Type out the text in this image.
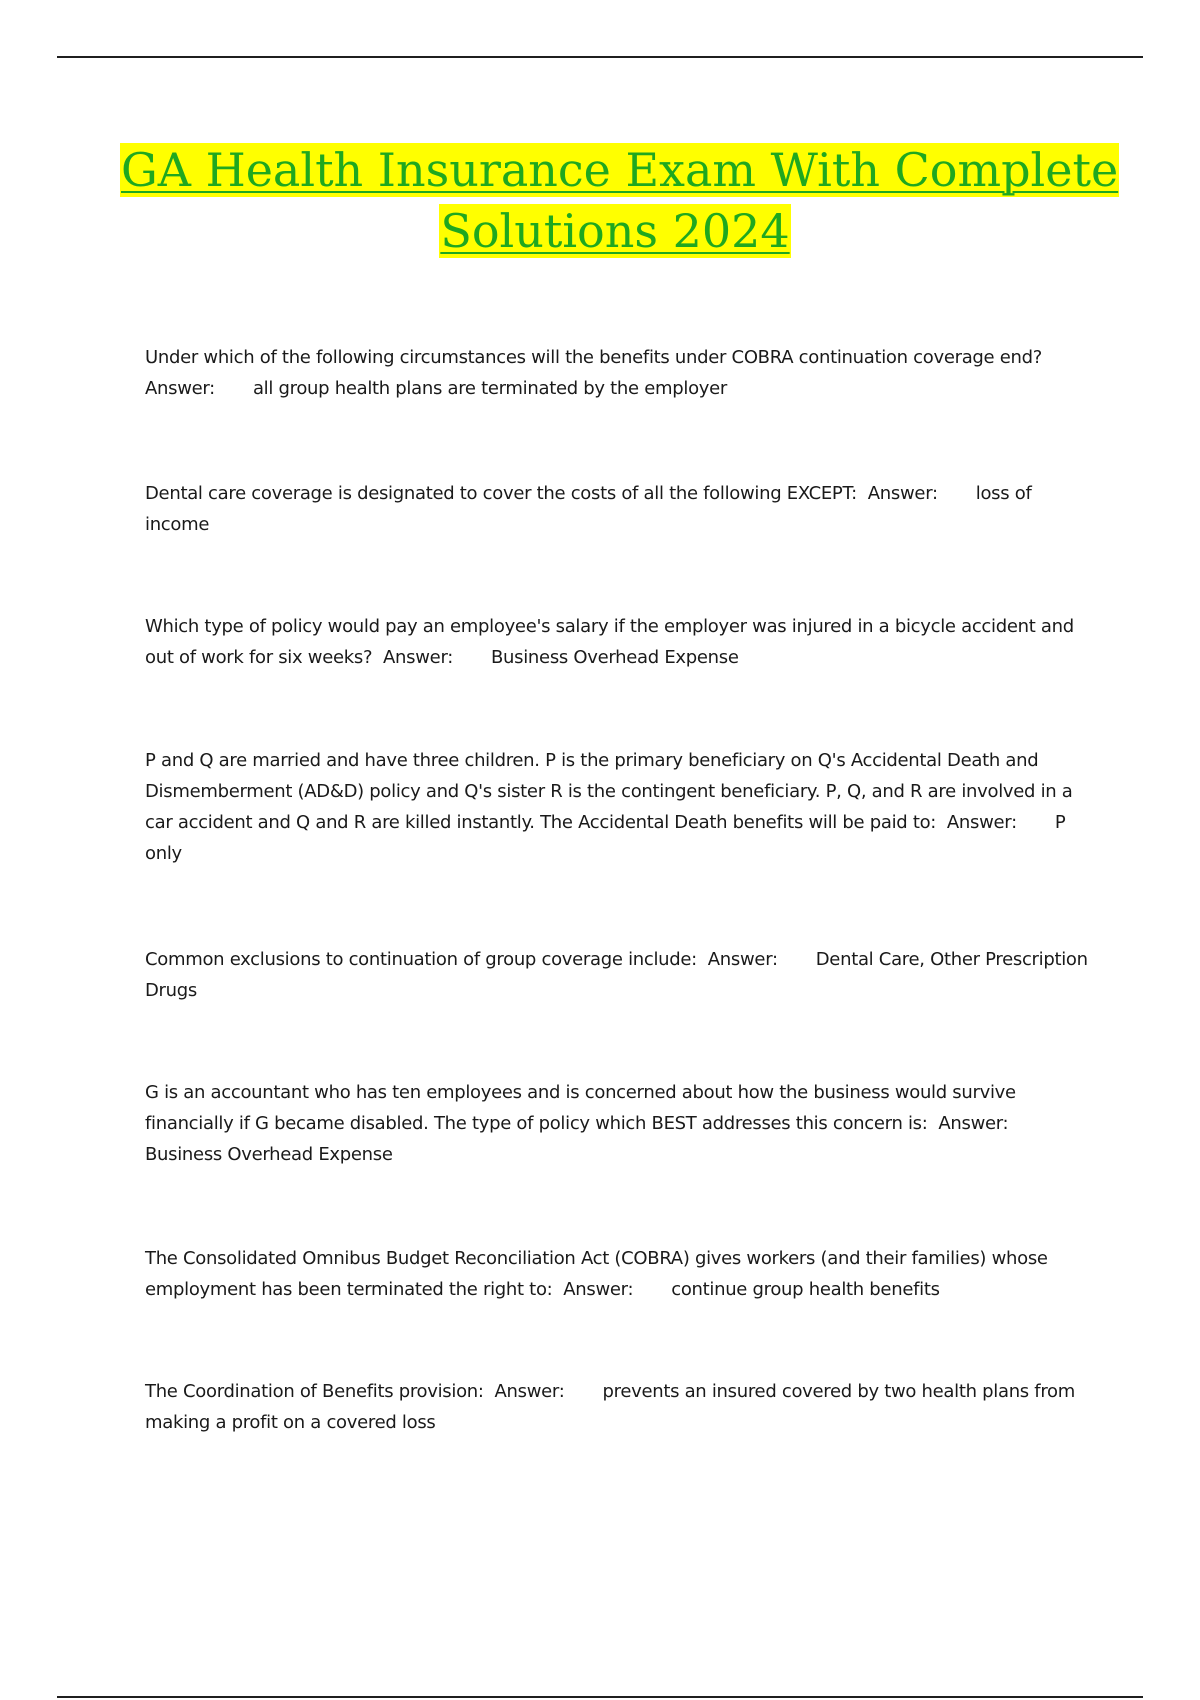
GA Health Insurance Exam With Complete
Solutions 2024
Under which of the following circumstances will the benefits under COBRA continuation coverage end? Answer: all group health plans are terminated by the employer
Dental care coverage is designated to cover the costs of all the following EXCEPT: Answer: loss of income
Which type of policy would pay an employee's salary if the employer was injured in a bicycle accident and out of work for six weeks? Answer: Business Overhead Expense
P and Q are married and have three children. P is the primary beneficiary on Q's Accidental Death and Dismemberment (AD&D) policy and Q's sister R is the contingent beneficiary. P, Q, and R are involved in a car accident and Q and R are killed instantly. The Accidental Death benefits will be paid to: Answer: P only
Common exclusions to continuation of group coverage include: Answer: Dental Care, Other Prescription Drugs
G is an accountant who has ten employees and is concerned about how the business would survive financially if G became disabled. The type of policy which BEST addresses this concern is: Answer:Business Overhead Expense
The Consolidated Omnibus Budget Reconciliation Act (COBRA) gives workers (and their families) whose employment has been terminated the right to: Answer: continue group health benefits
The Coordination of Benefits provision: Answer: prevents an insured covered by two health plans from making a profit on a covered loss
